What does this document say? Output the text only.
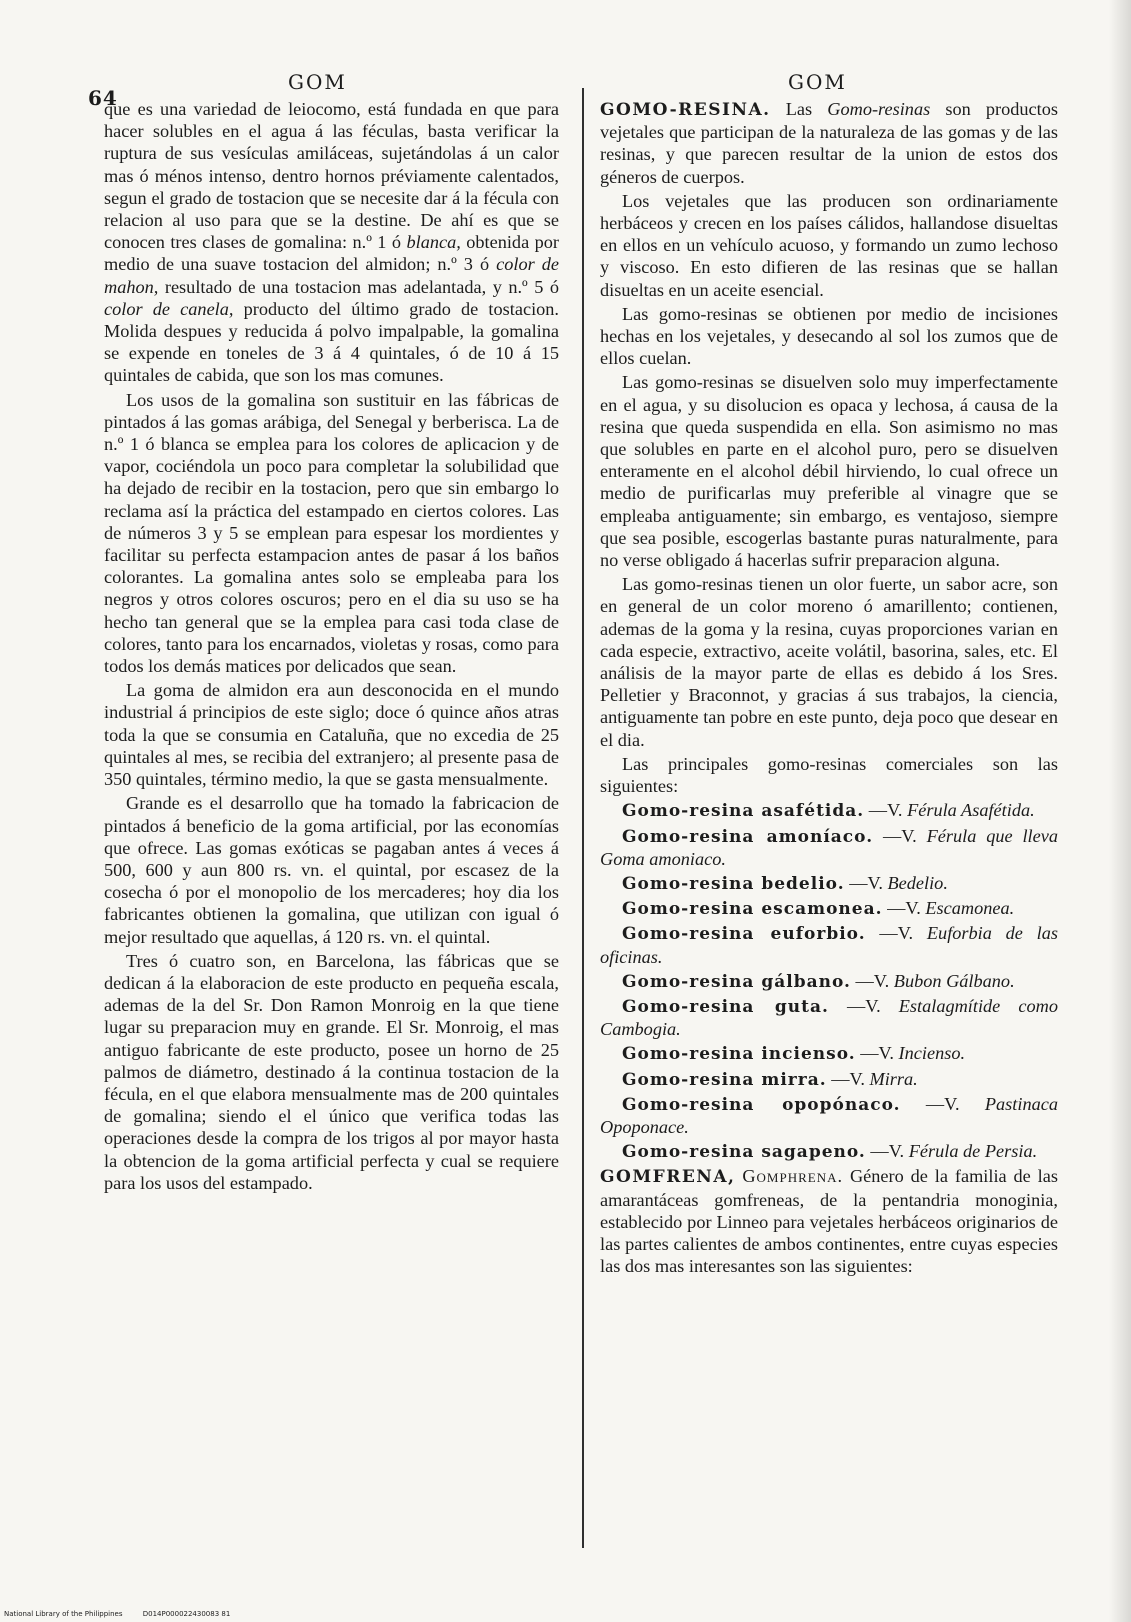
64
GOM	GOM

que es una variedad de leiocomo, está fundada en que para hacer solubles en el agua á las féculas, basta verificar la ruptura de sus vesículas amiláceas, sujetándolas á un calor mas ó ménos intenso, dentro hornos préviamente calentados, segun el grado de tostacion que se necesite dar á la fécula con relacion al uso para que se la destine. De ahí es que se conocen tres clases de gomalina: n.º 1 ó blanca, obtenida por medio de una suave tostacion del almidon; n.º 3 ó color de mahon, resultado de una tostacion mas adelantada, y n.º 5 ó color de canela, producto del último grado de tostacion. Molida despues y reducida á polvo impalpable, la gomalina se expende en toneles de 3 á 4 quintales, ó de 10 á 15 quintales de cabida, que son los mas comunes.

Los usos de la gomalina son sustituir en las fábricas de pintados á las gomas arábiga, del Senegal y berberisca. La de n.º 1 ó blanca se emplea para los colores de aplicacion y de vapor, cociéndola un poco para completar la solubilidad que ha dejado de recibir en la tostacion, pero que sin embargo lo reclama así la práctica del estampado en ciertos colores. Las de números 3 y 5 se emplean para espesar los mordientes y facilitar su perfecta estampacion antes de pasar á los baños colorantes. La gomalina antes solo se empleaba para los negros y otros colores oscuros; pero en el dia su uso se ha hecho tan general que se la emplea para casi toda clase de colores, tanto para los encarnados, violetas y rosas, como para todos los demás matices por delicados que sean.

La goma de almidon era aun desconocida en el mundo industrial á principios de este siglo; doce ó quince años atras toda la que se consumia en Cataluña, que no excedia de 25 quintales al mes, se recibia del extranjero; al presente pasa de 350 quintales, término medio, la que se gasta mensualmente.

Grande es el desarrollo que ha tomado la fabricacion de pintados á beneficio de la goma artificial, por las economías que ofrece. Las gomas exóticas se pagaban antes á veces á 500, 600 y aun 800 rs. vn. el quintal, por escasez de la cosecha ó por el monopolio de los mercaderes; hoy dia los fabricantes obtienen la gomalina, que utilizan con igual ó mejor resultado que aquellas, á 120 rs. vn. el quintal.

Tres ó cuatro son, en Barcelona, las fábricas que se dedican á la elaboracion de este producto en pequeña escala, ademas de la del Sr. Don Ramon Monroig en la que tiene lugar su preparacion muy en grande. El Sr. Monroig, el mas antiguo fabricante de este producto, posee un horno de 25 palmos de diámetro, destinado á la continua tostacion de la fécula, en el que elabora mensualmente mas de 200 quintales de gomalina; siendo el el único que verifica todas las operaciones desde la compra de los trigos al por mayor hasta la obtencion de la goma artificial perfecta y cual se requiere para los usos del estampado.

GOMO-RESINA. Las Gomo-resinas son productos vejetales que participan de la naturaleza de las gomas y de las resinas, y que parecen resultar de la union de estos dos géneros de cuerpos.

Los vejetales que las producen son ordinariamente herbáceos y crecen en los países cálidos, hallandose disueltas en ellos en un vehículo acuoso, y formando un zumo lechoso y viscoso. En esto difieren de las resinas que se hallan disueltas en un aceite esencial.

Las gomo-resinas se obtienen por medio de incisiones hechas en los vejetales, y desecando al sol los zumos que de ellos cuelan.

Las gomo-resinas se disuelven solo muy imperfectamente en el agua, y su disolucion es opaca y lechosa, á causa de la resina que queda suspendida en ella. Son asimismo no mas que solubles en parte en el alcohol puro, pero se disuelven enteramente en el alcohol débil hirviendo, lo cual ofrece un medio de purificarlas muy preferible al vinagre que se empleaba antiguamente; sin embargo, es ventajoso, siempre que sea posible, escogerlas bastante puras naturalmente, para no verse obligado á hacerlas sufrir preparacion alguna.

Las gomo-resinas tienen un olor fuerte, un sabor acre, son en general de un color moreno ó amarillento; contienen, ademas de la goma y la resina, cuyas proporciones varian en cada especie, extractivo, aceite volátil, basorina, sales, etc. El análisis de la mayor parte de ellas es debido á los Sres. Pelletier y Braconnot, y gracias á sus trabajos, la ciencia, antiguamente tan pobre en este punto, deja poco que desear en el dia.

Las principales gomo-resinas comerciales son las siguientes:

Gomo-resina asafétida. —V. Férula Asafétida.

Gomo-resina amoníaco. —V. Férula que lleva Goma amoniaco.

Gomo-resina bedelio. —V. Bedelio.

Gomo-resina escamonea. —V. Escamonea.

Gomo-resina euforbio. —V. Euforbia de las oficinas.

Gomo-resina gálbano. —V. Bubon Gálbano.

Gomo-resina guta. —V. Estalagmítide como Cambogia.

Gomo-resina incienso. —V. Incienso.

Gomo-resina mirra. —V. Mirra.

Gomo-resina opopónaco. —V. Pastinaca Opoponace.

Gomo-resina sagapeno. —V. Férula de Persia.

GOMFRENA, Gomphrena. Género de la familia de las amarantáceas gomfreneas, de la pentandria monoginia, establecido por Linneo para vejetales herbáceos originarios de las partes calientes de ambos continentes, entre cuyas especies las dos mas interesantes son las siguientes:

National Library of the Philippines	D014P000022430083 81
